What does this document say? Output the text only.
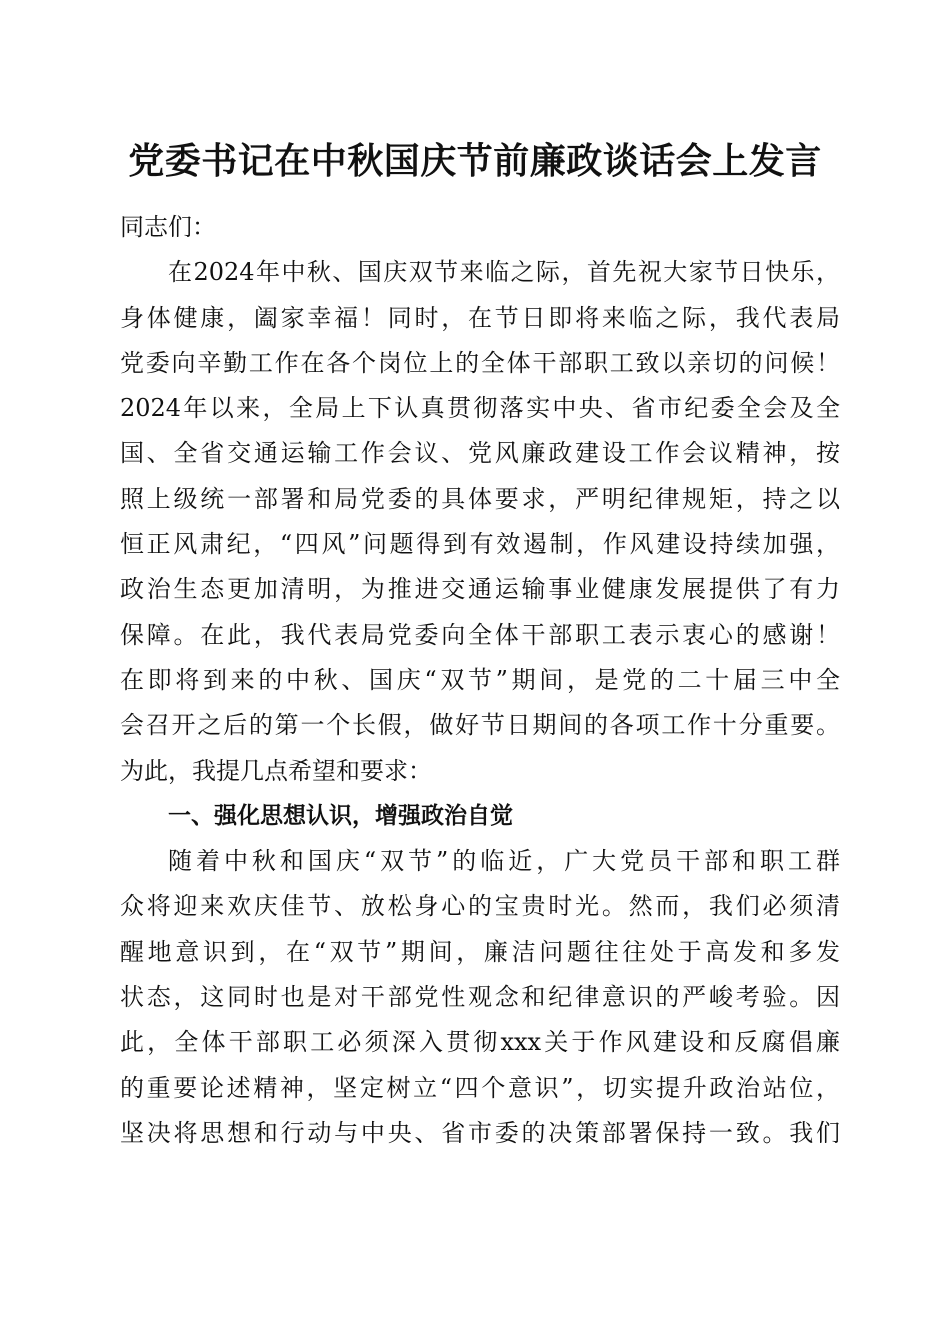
党委书记在中秋国庆节前廉政谈话会上发言

同志们：

在2024年中秋、国庆双节来临之际，首先祝大家节日快乐，

身体健康，阖家幸福！同时，在节日即将来临之际，我代表局

党委向辛勤工作在各个岗位上的全体干部职工致以亲切的问候！

2024年以来，全局上下认真贯彻落实中央、省市纪委全会及全

国、全省交通运输工作会议、党风廉政建设工作会议精神，按

照上级统一部署和局党委的具体要求，严明纪律规矩，持之以

恒正风肃纪，“四风”问题得到有效遏制，作风建设持续加强，

政治生态更加清明，为推进交通运输事业健康发展提供了有力

保障。在此，我代表局党委向全体干部职工表示衷心的感谢！

在即将到来的中秋、国庆“双节”期间，是党的二十届三中全

会召开之后的第一个长假，做好节日期间的各项工作十分重要。

为此，我提几点希望和要求：

一、强化思想认识，增强政治自觉

随着中秋和国庆“双节”的临近，广大党员干部和职工群

众将迎来欢庆佳节、放松身心的宝贵时光。然而，我们必须清

醒地意识到，在“双节”期间，廉洁问题往往处于高发和多发

状态，这同时也是对干部党性观念和纪律意识的严峻考验。因

此，全体干部职工必须深入贯彻xxx关于作风建设和反腐倡廉

的重要论述精神，坚定树立“四个意识”，切实提升政治站位，

坚决将思想和行动与中央、省市委的决策部署保持一致。我们
